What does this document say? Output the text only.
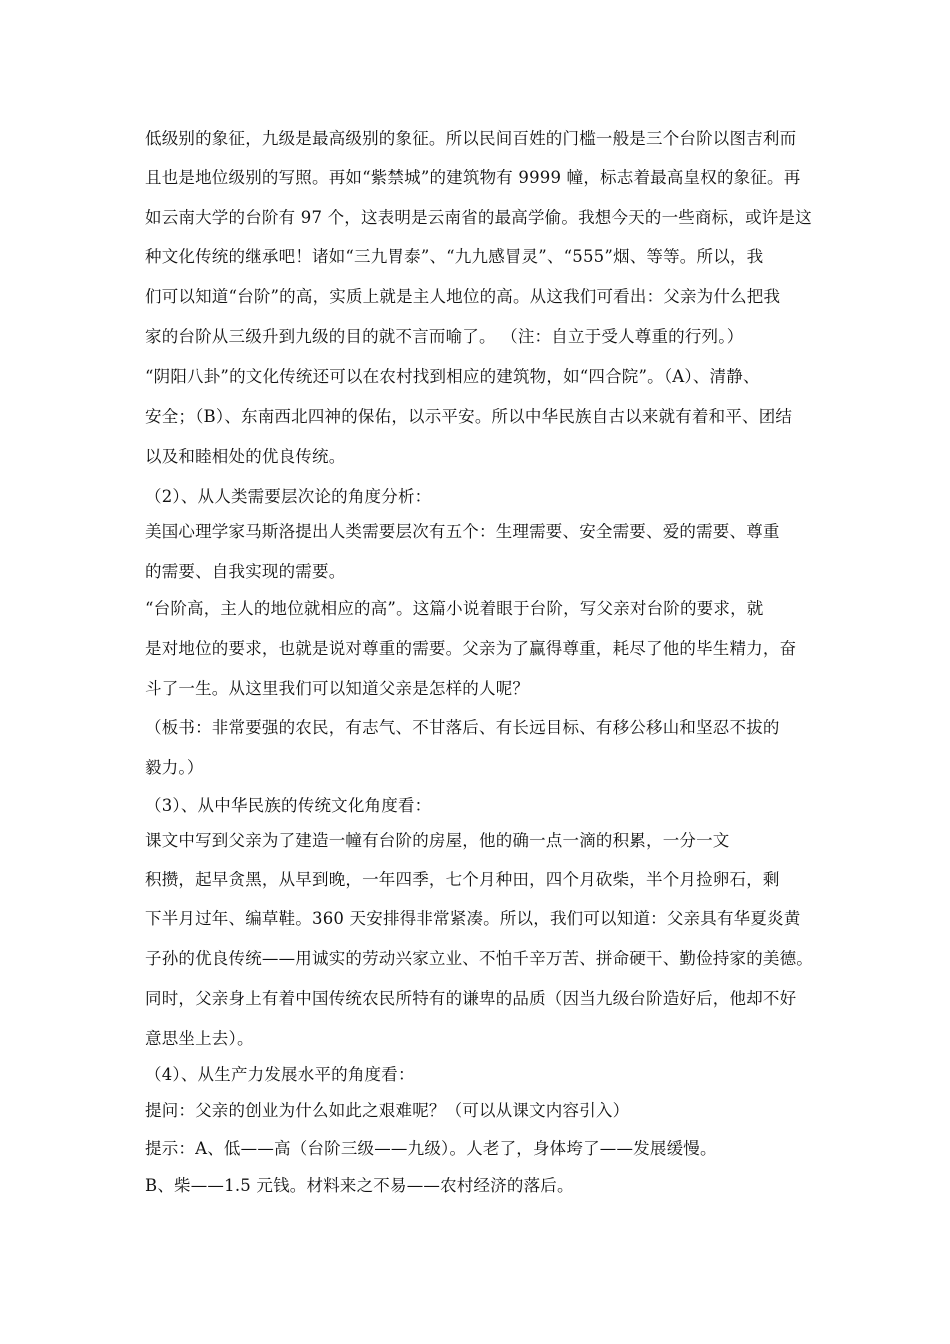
低级别的象征，九级是最高级别的象征。所以民间百姓的门槛一般是三个台阶以图吉利而
且也是地位级别的写照。再如“紫禁城”的建筑物有 9999 幢，标志着最高皇权的象征。再
如云南大学的台阶有 97 个，这表明是云南省的最高学偷。我想今天的一些商标，或许是这
种文化传统的继承吧！诸如“三九胃泰”、“九九感冒灵”、“555”烟、等等。所以，我
们可以知道“台阶”的高，实质上就是主人地位的高。从这我们可看出：父亲为什么把我
家的台阶从三级升到九级的目的就不言而喻了。 （注：自立于受人尊重的行列。）
“阴阳八卦”的文化传统还可以在农村找到相应的建筑物，如“四合院”。（A）、清静、
安全；（B）、东南西北四神的保佑，以示平安。所以中华民族自古以来就有着和平、团结
以及和睦相处的优良传统。
（2）、从人类需要层次论的角度分析：
美国心理学家马斯洛提出人类需要层次有五个：生理需要、安全需要、爱的需要、尊重
的需要、自我实现的需要。
“台阶高，主人的地位就相应的高”。这篇小说着眼于台阶，写父亲对台阶的要求，就
是对地位的要求，也就是说对尊重的需要。父亲为了赢得尊重，耗尽了他的毕生精力，奋
斗了一生。从这里我们可以知道父亲是怎样的人呢？
（板书：非常要强的农民，有志气、不甘落后、有长远目标、有移公移山和坚忍不拔的
毅力。）
（3）、从中华民族的传统文化角度看：
课文中写到父亲为了建造一幢有台阶的房屋，他的确一点一滴的积累，一分一文
积攒，起早贪黑，从早到晚，一年四季，七个月种田，四个月砍柴，半个月捡卵石，剩
下半月过年、编草鞋。360 天安排得非常紧凑。所以，我们可以知道：父亲具有华夏炎黄
子孙的优良传统——用诚实的劳动兴家立业、不怕千辛万苦、拼命硬干、勤俭持家的美德。
同时，父亲身上有着中国传统农民所特有的谦卑的品质（因当九级台阶造好后，他却不好
意思坐上去）。
（4）、从生产力发展水平的角度看：
提问：父亲的创业为什么如此之艰难呢？（可以从课文内容引入）
提示：A、低——高（台阶三级——九级）。人老了，身体垮了——发展缓慢。
B、柴——1.5 元钱。材料来之不易——农村经济的落后。
